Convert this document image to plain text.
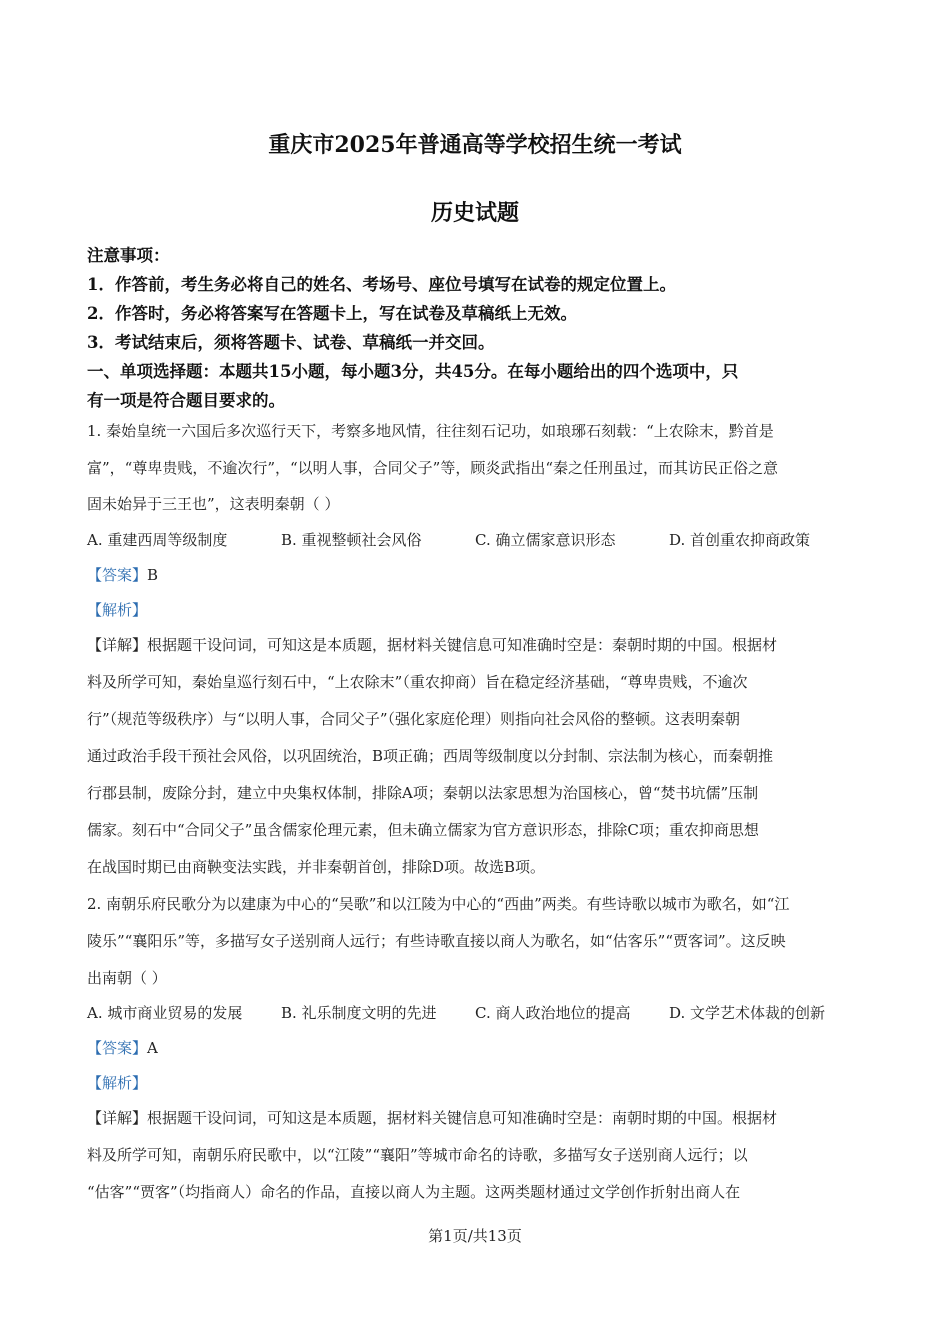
重庆市2025年普通高等学校招生统一考试
历史试题
注意事项：
1．作答前，考生务必将自己的姓名、考场号、座位号填写在试卷的规定位置上。
2．作答时，务必将答案写在答题卡上，写在试卷及草稿纸上无效。
3．考试结束后，须将答题卡、试卷、草稿纸一并交回。
一、单项选择题：本题共15小题，每小题3分，共45分。在每小题给出的四个选项中，只
有一项是符合题目要求的。
1. 秦始皇统一六国后多次巡行天下，考察多地风情，往往刻石记功，如琅琊石刻载：“上农除末，黔首是
富”，“尊卑贵贱，不逾次行”，“以明人事，合同父子”等，顾炎武指出“秦之任刑虽过，而其访民正俗之意
固未始异于三王也”，这表明秦朝（ ）
A. 重建西周等级制度	B. 重视整顿社会风俗	C. 确立儒家意识形态	D. 首创重农抑商政策
【答案】B
【解析】
【详解】根据题干设问词，可知这是本质题，据材料关键信息可知准确时空是：秦朝时期的中国。根据材
料及所学可知，秦始皇巡行刻石中，“上农除末”（重农抑商）旨在稳定经济基础，“尊卑贵贱，不逾次
行”（规范等级秩序）与“以明人事，合同父子”（强化家庭伦理）则指向社会风俗的整顿。这表明秦朝
通过政治手段干预社会风俗，以巩固统治，B项正确；西周等级制度以分封制、宗法制为核心，而秦朝推
行郡县制，废除分封，建立中央集权体制，排除A项；秦朝以法家思想为治国核心，曾“焚书坑儒”压制
儒家。刻石中“合同父子”虽含儒家伦理元素，但未确立儒家为官方意识形态，排除C项；重农抑商思想
在战国时期已由商鞅变法实践，并非秦朝首创，排除D项。故选B项。
2. 南朝乐府民歌分为以建康为中心的“吴歌”和以江陵为中心的“西曲”两类。有些诗歌以城市为歌名，如“江
陵乐”“襄阳乐”等，多描写女子送别商人远行；有些诗歌直接以商人为歌名，如“估客乐”“贾客词”。这反映
出南朝（ ）
A. 城市商业贸易的发展	B. 礼乐制度文明的先进	C. 商人政治地位的提高	D. 文学艺术体裁的创新
【答案】A
【解析】
【详解】根据题干设问词，可知这是本质题，据材料关键信息可知准确时空是：南朝时期的中国。根据材
料及所学可知，南朝乐府民歌中，以“江陵”“襄阳”等城市命名的诗歌，多描写女子送别商人远行；以
“估客”“贾客”（均指商人）命名的作品，直接以商人为主题。这两类题材通过文学创作折射出商人在
第1页/共13页
